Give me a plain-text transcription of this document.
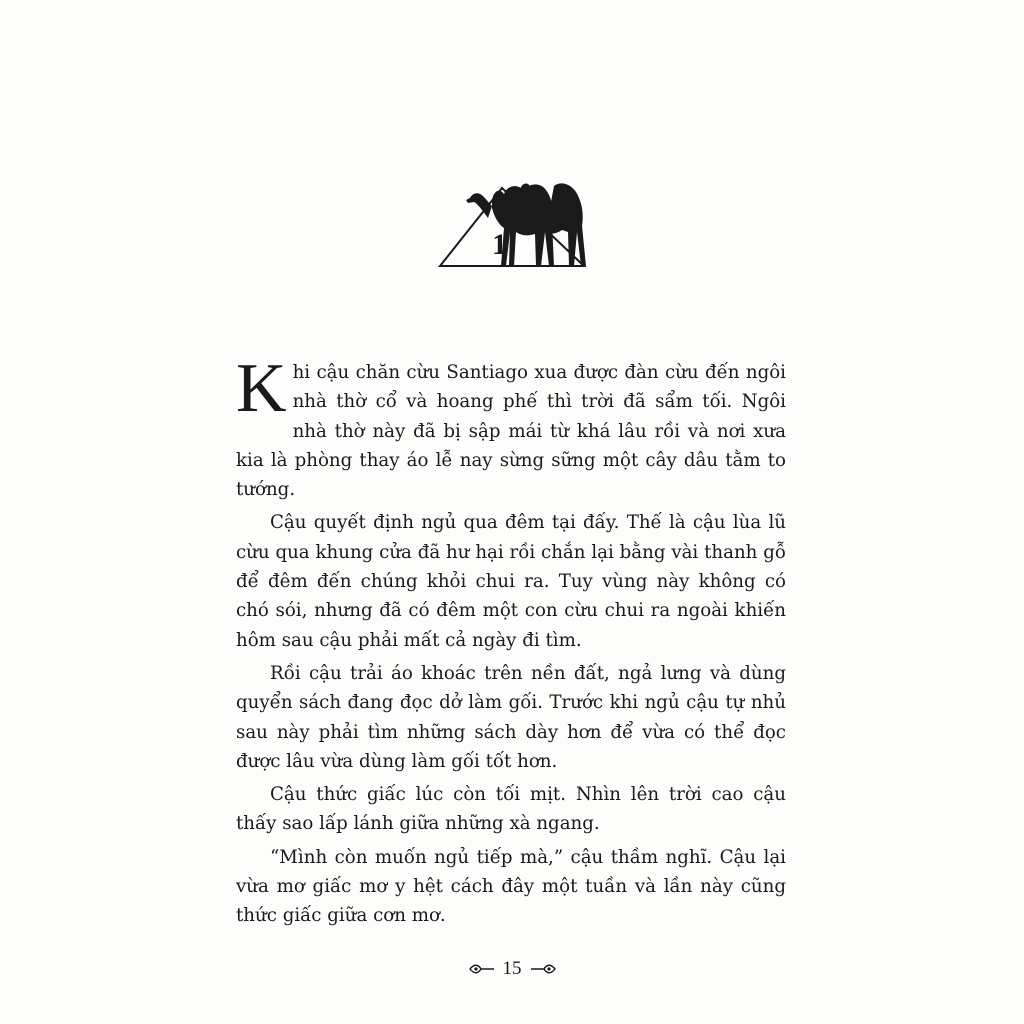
1

Khi cậu chăn cừu Santiago xua được đàn cừu đến ngôi nhà thờ cổ và hoang phế thì trời đã sẩm tối. Ngôi nhà thờ này đã bị sập mái từ khá lâu rồi và nơi xưa kia là phòng thay áo lễ nay sừng sững một cây dâu tằm to tướng.

Cậu quyết định ngủ qua đêm tại đấy. Thế là cậu lùa lũ cừu qua khung cửa đã hư hại rồi chắn lại bằng vài thanh gỗ để đêm đến chúng khỏi chui ra. Tuy vùng này không có chó sói, nhưng đã có đêm một con cừu chui ra ngoài khiến hôm sau cậu phải mất cả ngày đi tìm.

Rồi cậu trải áo khoác trên nền đất, ngả lưng và dùng quyển sách đang đọc dở làm gối. Trước khi ngủ cậu tự nhủ sau này phải tìm những sách dày hơn để vừa có thể đọc được lâu vừa dùng làm gối tốt hơn.

Cậu thức giấc lúc còn tối mịt. Nhìn lên trời cao cậu thấy sao lấp lánh giữa những xà ngang.

“Mình còn muốn ngủ tiếp mà,” cậu thầm nghĩ. Cậu lại vừa mơ giấc mơ y hệt cách đây một tuần và lần này cũng thức giấc giữa cơn mơ.

15
